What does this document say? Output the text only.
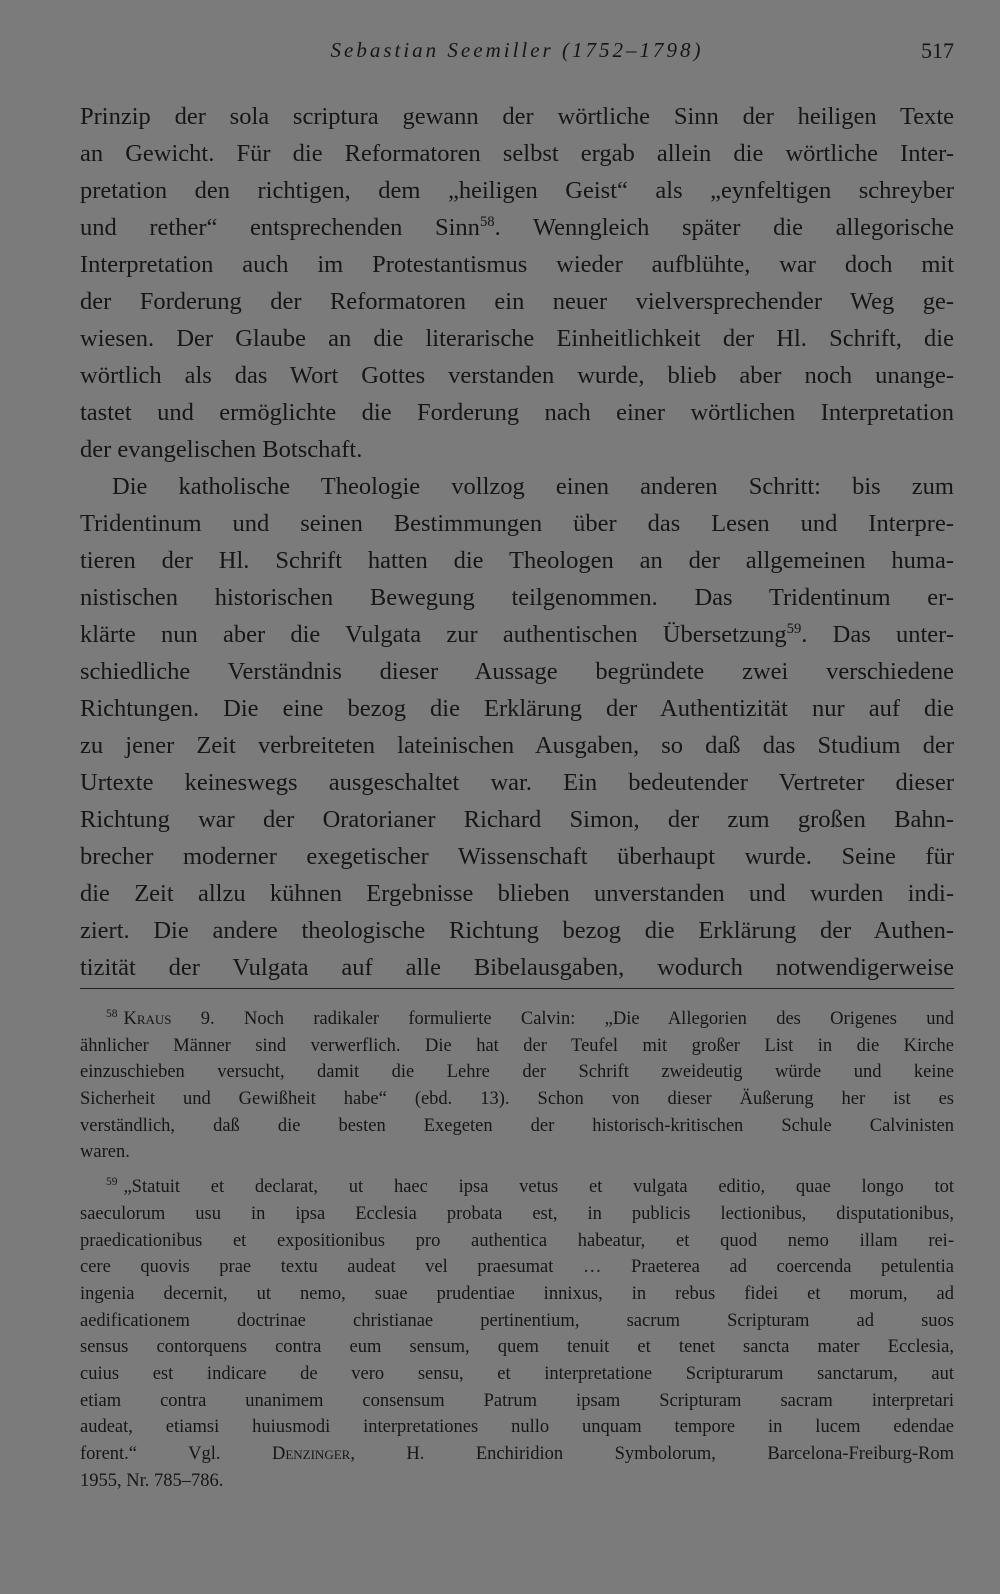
Sebastian Seemiller (1752–1798)	517
Prinzip der sola scriptura gewann der wörtliche Sinn der heiligen Texte
an Gewicht. Für die Reformatoren selbst ergab allein die wörtliche Inter-
pretation den richtigen, dem „heiligen Geist“ als „eynfeltigen schreyber
und rether“ entsprechenden Sinn$^{58}$. Wenngleich später die allegorische
Interpretation auch im Protestantismus wieder aufblühte, war doch mit
der Forderung der Reformatoren ein neuer vielversprechender Weg ge-
wiesen. Der Glaube an die literarische Einheitlichkeit der Hl. Schrift, die
wörtlich als das Wort Gottes verstanden wurde, blieb aber noch unange-
tastet und ermöglichte die Forderung nach einer wörtlichen Interpretation
der evangelischen Botschaft.
Die katholische Theologie vollzog einen anderen Schritt: bis zum
Tridentinum und seinen Bestimmungen über das Lesen und Interpre-
tieren der Hl. Schrift hatten die Theologen an der allgemeinen huma-
nistischen historischen Bewegung teilgenommen. Das Tridentinum er-
klärte nun aber die Vulgata zur authentischen Übersetzung$^{59}$. Das unter-
schiedliche Verständnis dieser Aussage begründete zwei verschiedene
Richtungen. Die eine bezog die Erklärung der Authentizität nur auf die
zu jener Zeit verbreiteten lateinischen Ausgaben, so daß das Studium der
Urtexte keineswegs ausgeschaltet war. Ein bedeutender Vertreter dieser
Richtung war der Oratorianer Richard Simon, der zum großen Bahn-
brecher moderner exegetischer Wissenschaft überhaupt wurde. Seine für
die Zeit allzu kühnen Ergebnisse blieben unverstanden und wurden indi-
ziert. Die andere theologische Richtung bezog die Erklärung der Authen-
tizität der Vulgata auf alle Bibelausgaben, wodurch notwendigerweise
$^{58}$ Kraus 9. Noch radikaler formulierte Calvin: „Die Allegorien des Origenes und
ähnlicher Männer sind verwerflich. Die hat der Teufel mit großer List in die Kirche
einzuschieben versucht, damit die Lehre der Schrift zweideutig würde und keine
Sicherheit und Gewißheit habe“ (ebd. 13). Schon von dieser Äußerung her ist es
verständlich, daß die besten Exegeten der historisch-kritischen Schule Calvinisten
waren.
$^{59}$ „Statuit et declarat, ut haec ipsa vetus et vulgata editio, quae longo tot
saeculorum usu in ipsa Ecclesia probata est, in publicis lectionibus, disputationibus,
praedicationibus et expositionibus pro authentica habeatur, et quod nemo illam rei-
cere quovis prae textu audeat vel praesumat … Praeterea ad coercenda petulentia
ingenia decernit, ut nemo, suae prudentiae innixus, in rebus fidei et morum, ad
aedificationem doctrinae christianae pertinentium, sacrum Scripturam ad suos
sensus contorquens contra eum sensum, quem tenuit et tenet sancta mater Ecclesia,
cuius est indicare de vero sensu, et interpretatione Scripturarum sanctarum, aut
etiam contra unanimem consensum Patrum ipsam Scripturam sacram interpretari
audeat, etiamsi huiusmodi interpretationes nullo unquam tempore in lucem edendae
forent.“ Vgl. Denzinger, H. Enchiridion Symbolorum, Barcelona-Freiburg-Rom
1955, Nr. 785–786.
